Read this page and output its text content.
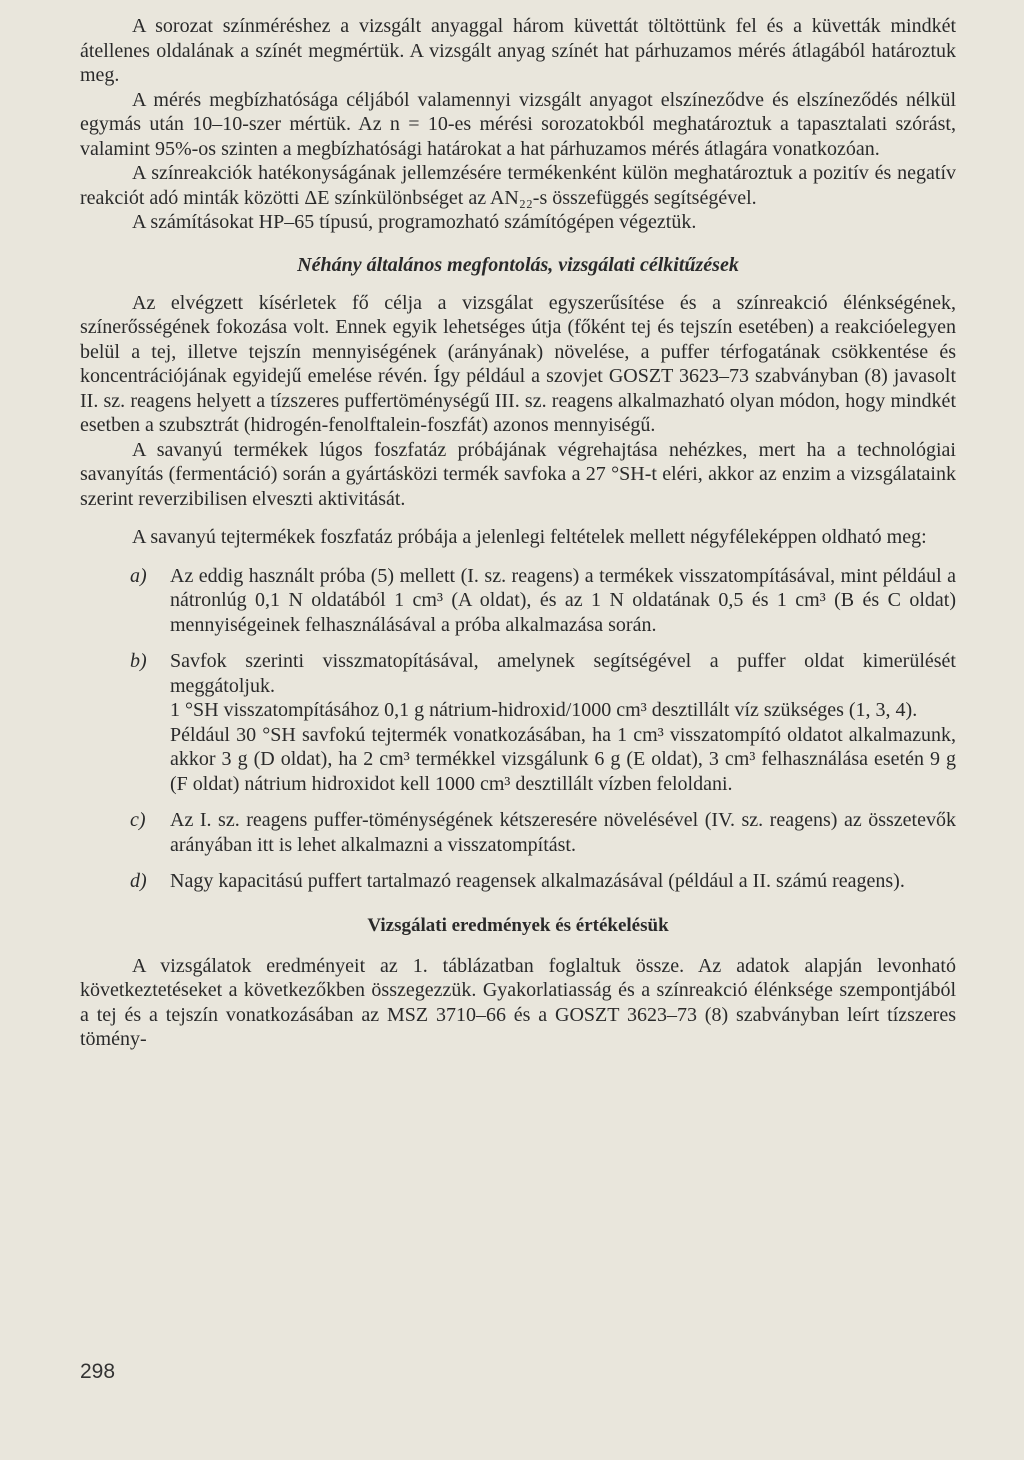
A sorozat színméréshez a vizsgált anyaggal három küvettát töltöttünk fel és a küvetták mindkét átellenes oldalának a színét megmértük. A vizsgált anyag színét hat párhuzamos mérés átlagából határoztuk meg.

A mérés megbízhatósága céljából valamennyi vizsgált anyagot elszíneződve és elszíneződés nélkül egymás után 10–10-szer mértük. Az n = 10-es mérési sorozatokból meghatároztuk a tapasztalati szórást, valamint 95%-os szinten a megbízhatósági határokat a hat párhuzamos mérés átlagára vonatkozóan.

A színreakciók hatékonyságának jellemzésére termékenként külön meghatároztuk a pozitív és negatív reakciót adó minták közötti ΔE színkülönbséget az AN₂₂-s összefüggés segítségével.

A számításokat HP–65 típusú, programozható számítógépen végeztük.

Néhány általános megfontolás, vizsgálati célkitűzések

Az elvégzett kísérletek fő célja a vizsgálat egyszerűsítése és a színreakció élénkségének, színerősségének fokozása volt. Ennek egyik lehetséges útja (főként tej és tejszín esetében) a reakcióelegyen belül a tej, illetve tejszín mennyiségének (arányának) növelése, a puffer térfogatának csökkentése és koncentrációjának egyidejű emelése révén. Így például a szovjet GOSZT 3623–73 szabványban (8) javasolt II. sz. reagens helyett a tízszeres puffertöménységű III. sz. reagens alkalmazható olyan módon, hogy mindkét esetben a szubsztrát (hidrogén-fenolftalein-foszfát) azonos mennyiségű.

A savanyú termékek lúgos foszfatáz próbájának végrehajtása nehézkes, mert ha a technológiai savanyítás (fermentáció) során a gyártásközi termék savfoka a 27 °SH-t eléri, akkor az enzim a vizsgálataink szerint reverzibilisen elveszti aktivitását.

A savanyú tejtermékek foszfatáz próbája a jelenlegi feltételek mellett négyféleképpen oldható meg:

a)	Az eddig használt próba (5) mellett (I. sz. reagens) a termékek visszatompításával, mint például a nátronlúg 0,1 N oldatából 1 cm³ (A oldat), és az 1 N oldatának 0,5 és 1 cm³ (B és C oldat) mennyiségeinek felhasználásával a próba alkalmazása során.

b)	Savfok szerinti visszmatopításával, amelynek segítségével a puffer oldat kimerülését meggátoljuk.

1 °SH visszatompításához 0,1 g nátrium-hidroxid/1000 cm³ desztillált víz szükséges (1, 3, 4).

Például 30 °SH savfokú tejtermék vonatkozásában, ha 1 cm³ visszatompító oldatot alkalmazunk, akkor 3 g (D oldat), ha 2 cm³ termékkel vizsgálunk 6 g (E oldat), 3 cm³ felhasználása esetén 9 g (F oldat) nátrium hidroxidot kell 1000 cm³ desztillált vízben feloldani.

c)	Az I. sz. reagens puffer-töménységének kétszeresére növelésével (IV. sz. reagens) az összetevők arányában itt is lehet alkalmazni a visszatompítást.

d)	Nagy kapacitású puffert tartalmazó reagensek alkalmazásával (például a II. számú reagens).

Vizsgálati eredmények és értékelésük

A vizsgálatok eredményeit az 1. táblázatban foglaltuk össze. Az adatok alapján levonható következtetéseket a következőkben összegezzük. Gyakorlatiasság és a színreakció élénksége szempontjából a tej és a tejszín vonatkozásában az MSZ 3710–66 és a GOSZT 3623–73 (8) szabványban leírt tízszeres tömény-

298
